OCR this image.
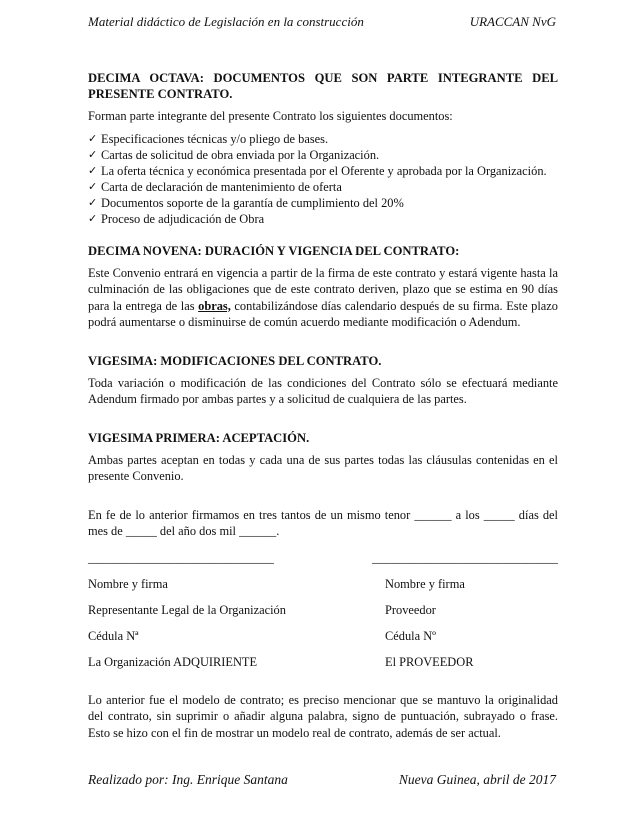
Material didáctico de Legislación en la construcción	URACCAN NvG
DECIMA OCTAVA: DOCUMENTOS QUE SON PARTE INTEGRANTE DEL PRESENTE CONTRATO.

Forman parte integrante del presente Contrato los siguientes documentos:

✓ Especificaciones técnicas y/o pliego de bases.
✓ Cartas de solicitud de obra enviada por la Organización.
✓ La oferta técnica y económica presentada por el Oferente y aprobada por la Organización.
✓ Carta de declaración de mantenimiento de oferta
✓ Documentos soporte de la garantía de cumplimiento del 20%
✓ Proceso de adjudicación de Obra
DECIMA NOVENA: DURACIÓN Y VIGENCIA DEL CONTRATO:

Este Convenio entrará en vigencia a partir de la firma de este contrato y estará vigente hasta la culminación de las obligaciones que de este contrato deriven, plazo que se estima en 90 días para la entrega de las obras, contabilizándose días calendario después de su firma. Este plazo podrá aumentarse o disminuirse de común acuerdo mediante modificación o Adendum.

VIGESIMA: MODIFICACIONES DEL CONTRATO.

Toda variación o modificación de las condiciones del Contrato sólo se efectuará mediante Adendum firmado por ambas partes y a solicitud de cualquiera de las partes.

VIGESIMA PRIMERA: ACEPTACIÓN.

Ambas partes aceptan en todas y cada una de sus partes todas las cláusulas contenidas en el presente Convenio.

En fe de lo anterior firmamos en tres tantos de un mismo tenor ______ a los _____ días del mes de _____ del año dos mil ______.

______________________________	______________________________
Nombre y firma	Nombre y firma
Representante Legal de la Organización	Proveedor
Cédula Nª	Cédula Nº
La Organización ADQUIRIENTE	El PROVEEDOR

Lo anterior fue el modelo de contrato; es preciso mencionar que se mantuvo la originalidad del contrato, sin suprimir o añadir alguna palabra, signo de puntuación, subrayado o frase. Esto se hizo con el fin de mostrar un modelo real de contrato, además de ser actual.

Realizado por: Ing. Enrique Santana	Nueva Guinea, abril de 2017
